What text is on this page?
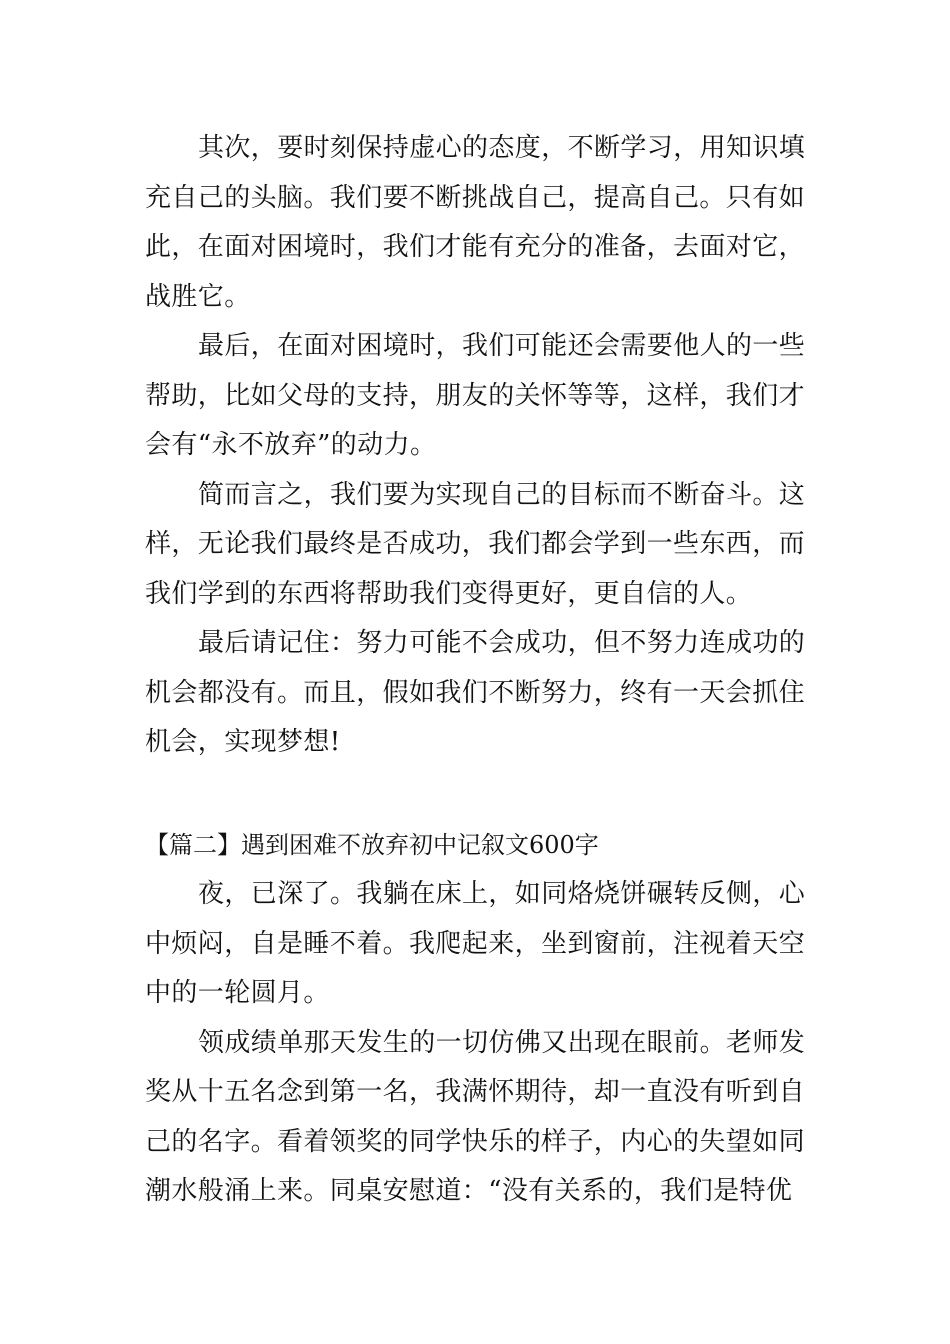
其次，要时刻保持虚心的态度，不断学习，用知识填
充自己的头脑。我们要不断挑战自己，提高自己。只有如
此，在面对困境时，我们才能有充分的准备，去面对它，
战胜它。
最后，在面对困境时，我们可能还会需要他人的一些
帮助，比如父母的支持，朋友的关怀等等，这样，我们才
会有“永不放弃”的动力。
简而言之，我们要为实现自己的目标而不断奋斗。这
样，无论我们最终是否成功，我们都会学到一些东西，而
我们学到的东西将帮助我们变得更好，更自信的人。
最后请记住：努力可能不会成功，但不努力连成功的
机会都没有。而且，假如我们不断努力，终有一天会抓住
机会，实现梦想!
【篇二】遇到困难不放弃初中记叙文600字
夜，已深了。我躺在床上，如同烙烧饼碾转反侧，心
中烦闷，自是睡不着。我爬起来，坐到窗前，注视着天空
中的一轮圆月。
领成绩单那天发生的一切仿佛又出现在眼前。老师发
奖从十五名念到第一名，我满怀期待，却一直没有听到自
己的名字。看着领奖的同学快乐的样子，内心的失望如同
潮水般涌上来。同桌安慰道：“没有关系的，我们是特优
